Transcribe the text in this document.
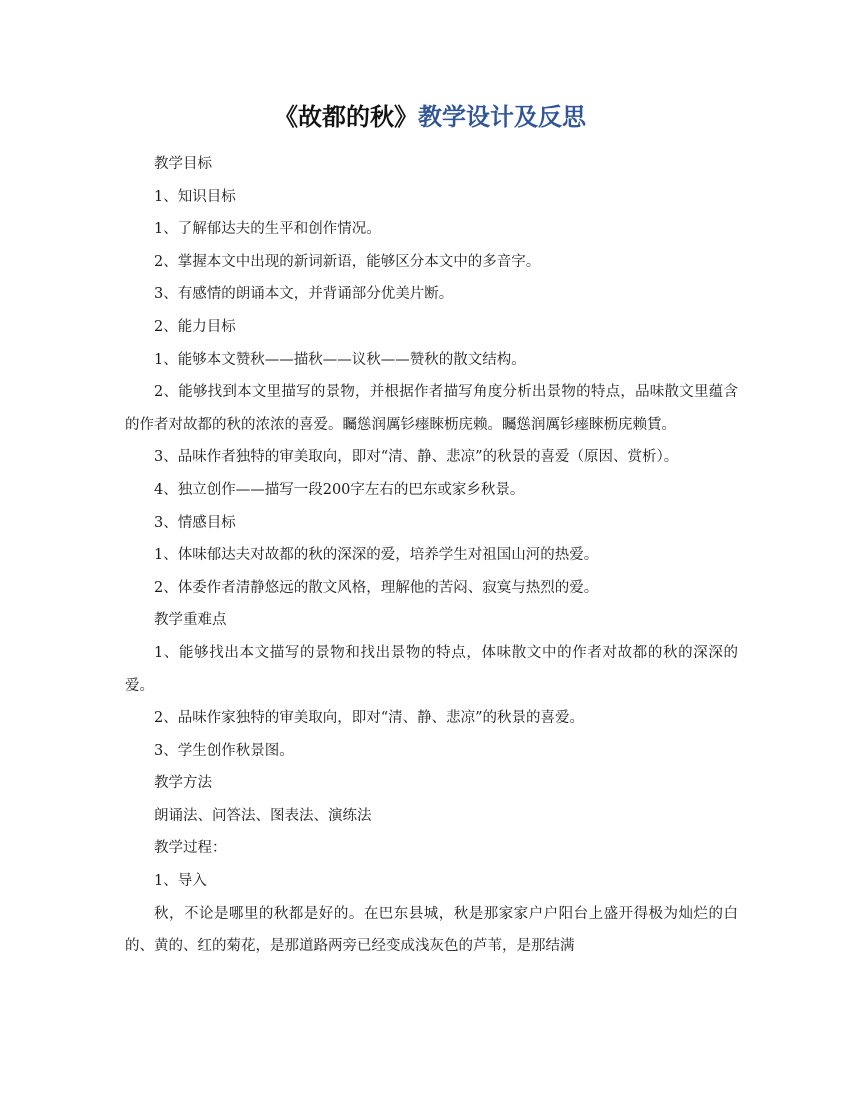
《故都的秋》教学设计及反思

教学目标

1、知识目标

1、了解郁达夫的生平和创作情况。

2、掌握本文中出现的新词新语，能够区分本文中的多音字。

3、有感情的朗诵本文，并背诵部分优美片断。

2、能力目标

1、能够本文赞秋——描秋——议秋——赞秋的散文结构。

2、能够找到本文里描写的景物，并根据作者描写角度分析出景物的特点，品味散文里蕴含的作者对故都的秋的浓浓的喜爱。矚慫润厲钐瘗睞枥庑赖。矚慫润厲钐瘗睞枥庑赖賃。

3、品味作者独特的审美取向，即对“清、静、悲凉”的秋景的喜爱（原因、赏析）。

4、独立创作——描写一段200字左右的巴东或家乡秋景。

3、情感目标

1、体味郁达夫对故都的秋的深深的爱，培养学生对祖国山河的热爱。

2、体委作者清静悠远的散文风格，理解他的苦闷、寂寞与热烈的爱。

教学重难点

1、能够找出本文描写的景物和找出景物的特点，体味散文中的作者对故都的秋的深深的爱。

2、品味作家独特的审美取向，即对“清、静、悲凉”的秋景的喜爱。

3、学生创作秋景图。

教学方法

朗诵法、问答法、图表法、演练法

教学过程：

1、导入

秋，不论是哪里的秋都是好的。在巴东县城，秋是那家家户户阳台上盛开得极为灿烂的白的、黄的、红的菊花，是那道路两旁已经变成浅灰色的芦苇，是那结满
